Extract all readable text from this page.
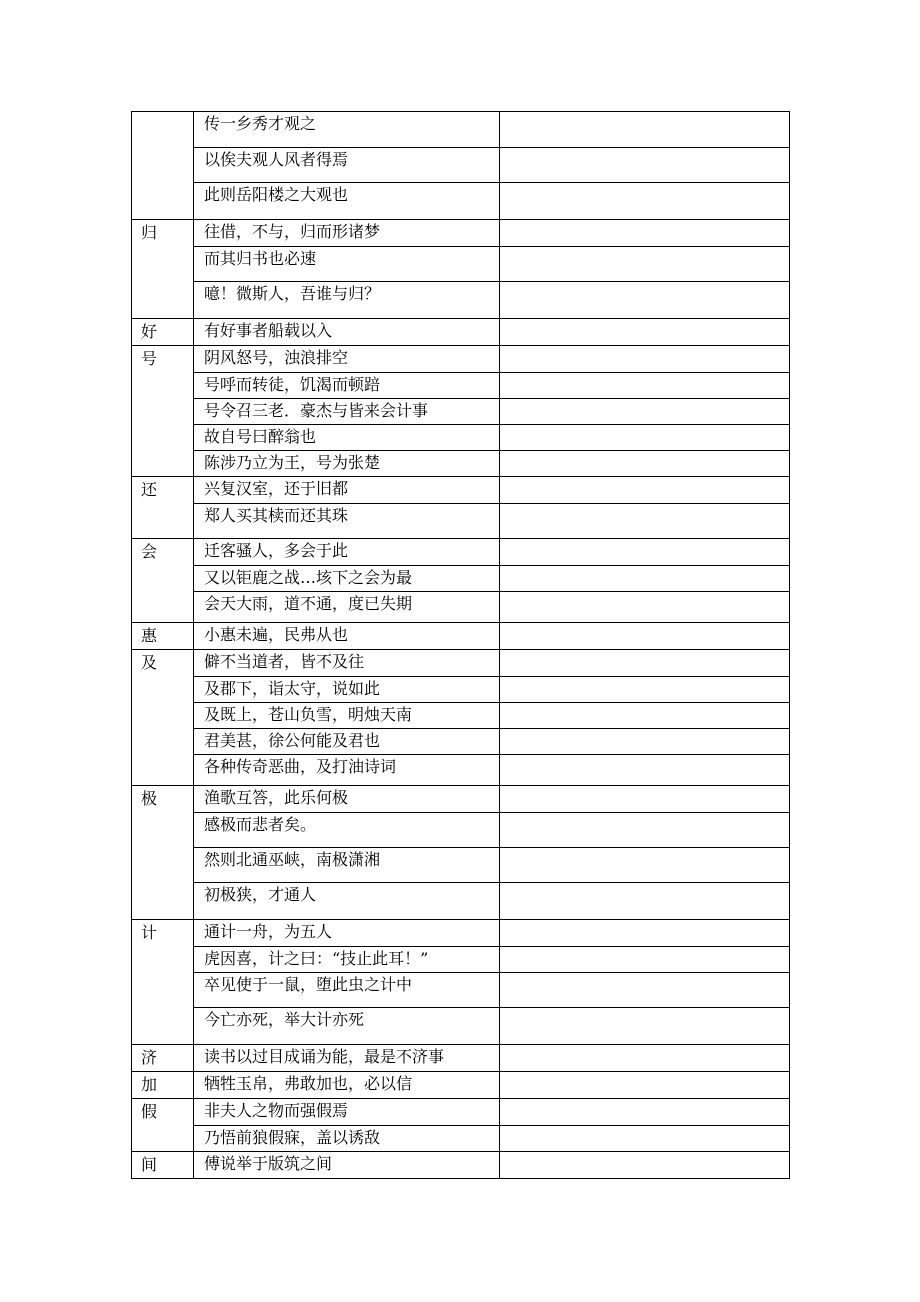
传一乡秀才观之
以俟夫观人风者得焉
此则岳阳楼之大观也
归	往借，不与，归而形诸梦
而其归书也必速
噫！微斯人，吾谁与归？
好	有好事者船载以入
号	阴风怒号，浊浪排空
号呼而转徒，饥渴而顿踣
号令召三老．豪杰与皆来会计事
故自号曰醉翁也
陈涉乃立为王，号为张楚
还	兴复汉室，还于旧都
郑人买其椟而还其珠
会	迁客骚人，多会于此
又以钜鹿之战…垓下之会为最
会天大雨，道不通，度已失期
惠	小惠未遍，民弗从也
及	僻不当道者，皆不及往
及郡下，诣太守，说如此
及既上，苍山负雪，明烛天南
君美甚，徐公何能及君也
各种传奇恶曲，及打油诗词
极	渔歌互答，此乐何极
感极而悲者矣。
然则北通巫峡，南极潇湘
初极狭，才通人
计	通计一舟，为五人
虎因喜，计之曰：“技止此耳！”
卒见使于一鼠，堕此虫之计中
今亡亦死，举大计亦死
济	读书以过目成诵为能，最是不济事
加	牺牲玉帛，弗敢加也，必以信
假	非夫人之物而强假焉
乃悟前狼假寐，盖以诱敌
间	傅说举于版筑之间
